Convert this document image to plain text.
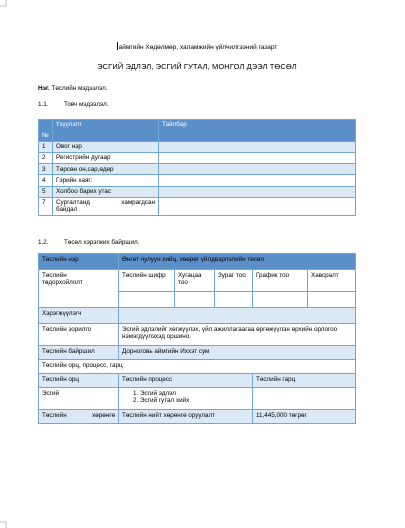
аймгийн Хөдөлмөр, халамжийн үйлчилгээний газарт
ЭСГИЙ ЭДЛЭЛ, ЭСГИЙ ГУТАЛ, МОНГОЛ ДЭЭЛ ТӨСӨЛ
Нэг. Төслийн мэдээлэл.
1.1. Товч мэдээлэл.
№	Үзүүлэлт	Тайлбар
1	Овог нэр	
2	Регистрийн дугаар	
3	Төрсөн он,сар,өдөр	
4	Гэрийн хаяг:	
5	Холбоо барих утас	
7	Сургалтанд хамрагдсан
байдал	

1.2. Төсөл хэрэгжих байршил.
Төслийн нэр	Өнгөт чулуун хийц, хөөрөг үйлдвэрлэлийн төсөл				

Төслийн
төдорхойлолт	Төслийн шифр	Хугацаа тоо	Зураг тоо	График тоо	Хавсралт

Хэрэгжүүлэгч					
Төслийн зорилго	Эсгий эдлэлийг хөгжүүлэх, үйл ажиллагаагаа өргөжүүлэн өрхийн орлогоо нэмэгдүүлэхэд оршино.				
Төслийн байршил	Дорноговь аймгийн Иххэт сум				
Төслийн орц, процесс, гарц					
Төслийн орц	Төслийн процесс			Төслийн гарц	
Эсгий	1. Эсгий эдлэл
2. Эсгий гутал хийх				

Төслийн хөрөнгө	Төслийн нийт хөрөнгө оруулалт			11,445,000 төгрөг	
